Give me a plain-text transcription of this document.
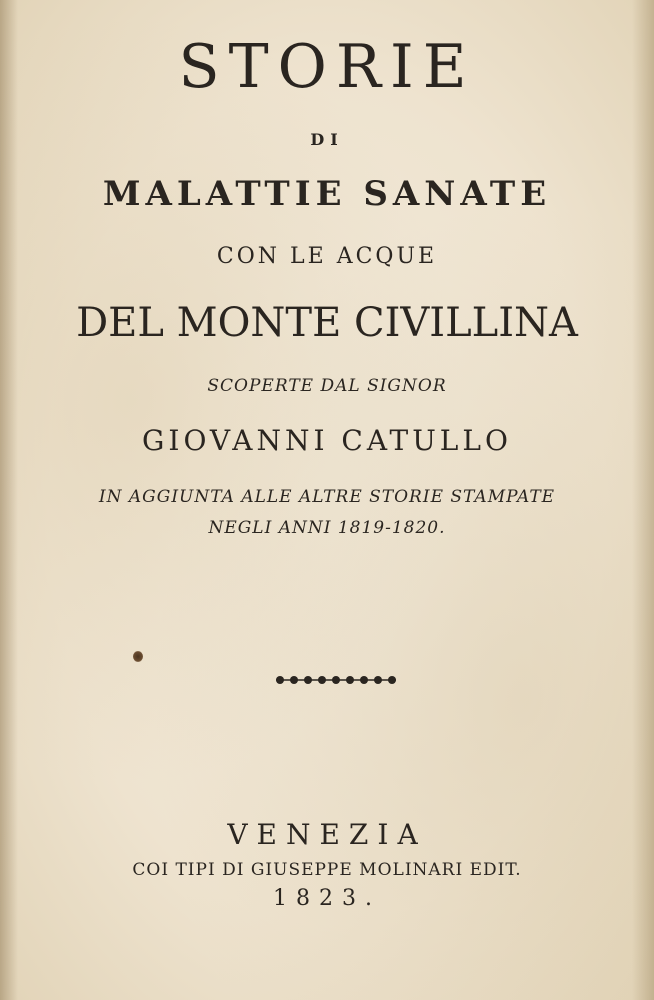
STORIE
DI
MALATTIE SANATE
CON LE ACQUE
DEL MONTE CIVILLINA
SCOPERTE DAL SIGNOR
GIOVANNI CATULLO
IN AGGIUNTA ALLE ALTRE STORIE STAMPATE
NEGLI ANNI 1819-1820.
VENEZIA
COI TIPI DI GIUSEPPE MOLINARI EDIT.
1823.
